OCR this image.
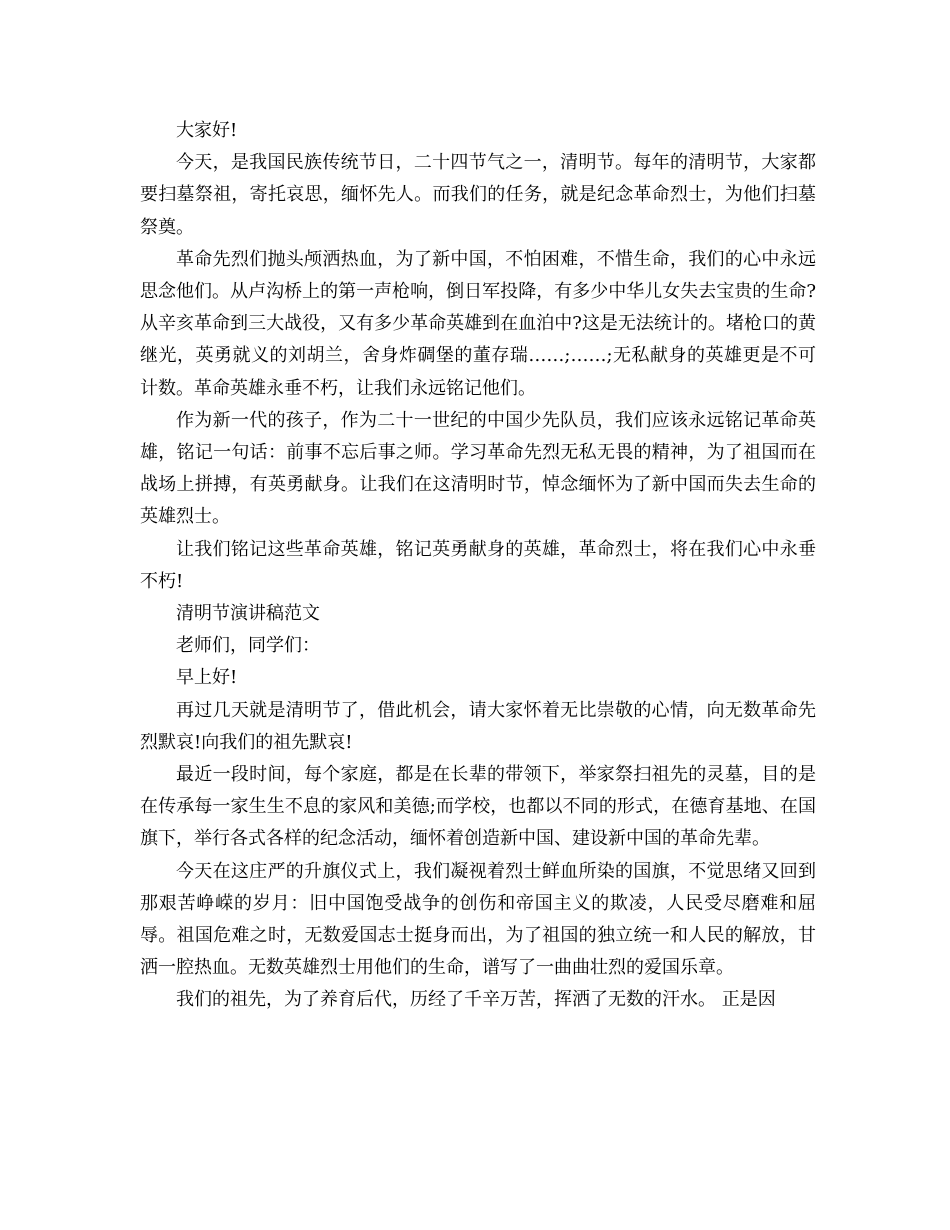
大家好!

今天，是我国民族传统节日，二十四节气之一，清明节。每年的清明节，大家都要扫墓祭祖，寄托哀思，缅怀先人。而我们的任务，就是纪念革命烈士，为他们扫墓祭奠。

革命先烈们抛头颅洒热血，为了新中国，不怕困难，不惜生命，我们的心中永远思念他们。从卢沟桥上的第一声枪响，倒日军投降，有多少中华儿女失去宝贵的生命?从辛亥革命到三大战役，又有多少革命英雄到在血泊中?这是无法统计的。堵枪口的黄继光，英勇就义的刘胡兰，舍身炸碉堡的董存瑞……;……;无私献身的英雄更是不可计数。革命英雄永垂不朽，让我们永远铭记他们。

作为新一代的孩子，作为二十一世纪的中国少先队员，我们应该永远铭记革命英雄，铭记一句话：前事不忘后事之师。学习革命先烈无私无畏的精神，为了祖国而在战场上拼搏，有英勇献身。让我们在这清明时节，悼念缅怀为了新中国而失去生命的英雄烈士。

让我们铭记这些革命英雄，铭记英勇献身的英雄，革命烈士，将在我们心中永垂不朽!

清明节演讲稿范文

老师们，同学们：

早上好!

再过几天就是清明节了，借此机会，请大家怀着无比崇敬的心情，向无数革命先烈默哀!向我们的祖先默哀!

最近一段时间，每个家庭，都是在长辈的带领下，举家祭扫祖先的灵墓，目的是在传承每一家生生不息的家风和美德;而学校，也都以不同的形式，在德育基地、在国旗下，举行各式各样的纪念活动，缅怀着创造新中国、建设新中国的革命先辈。

今天在这庄严的升旗仪式上，我们凝视着烈士鲜血所染的国旗，不觉思绪又回到那艰苦峥嵘的岁月：旧中国饱受战争的创伤和帝国主义的欺凌，人民受尽磨难和屈辱。祖国危难之时，无数爱国志士挺身而出，为了祖国的独立统一和人民的解放，甘洒一腔热血。无数英雄烈士用他们的生命，谱写了一曲曲壮烈的爱国乐章。

我们的祖先，为了养育后代，历经了千辛万苦，挥洒了无数的汗水。 正是因
